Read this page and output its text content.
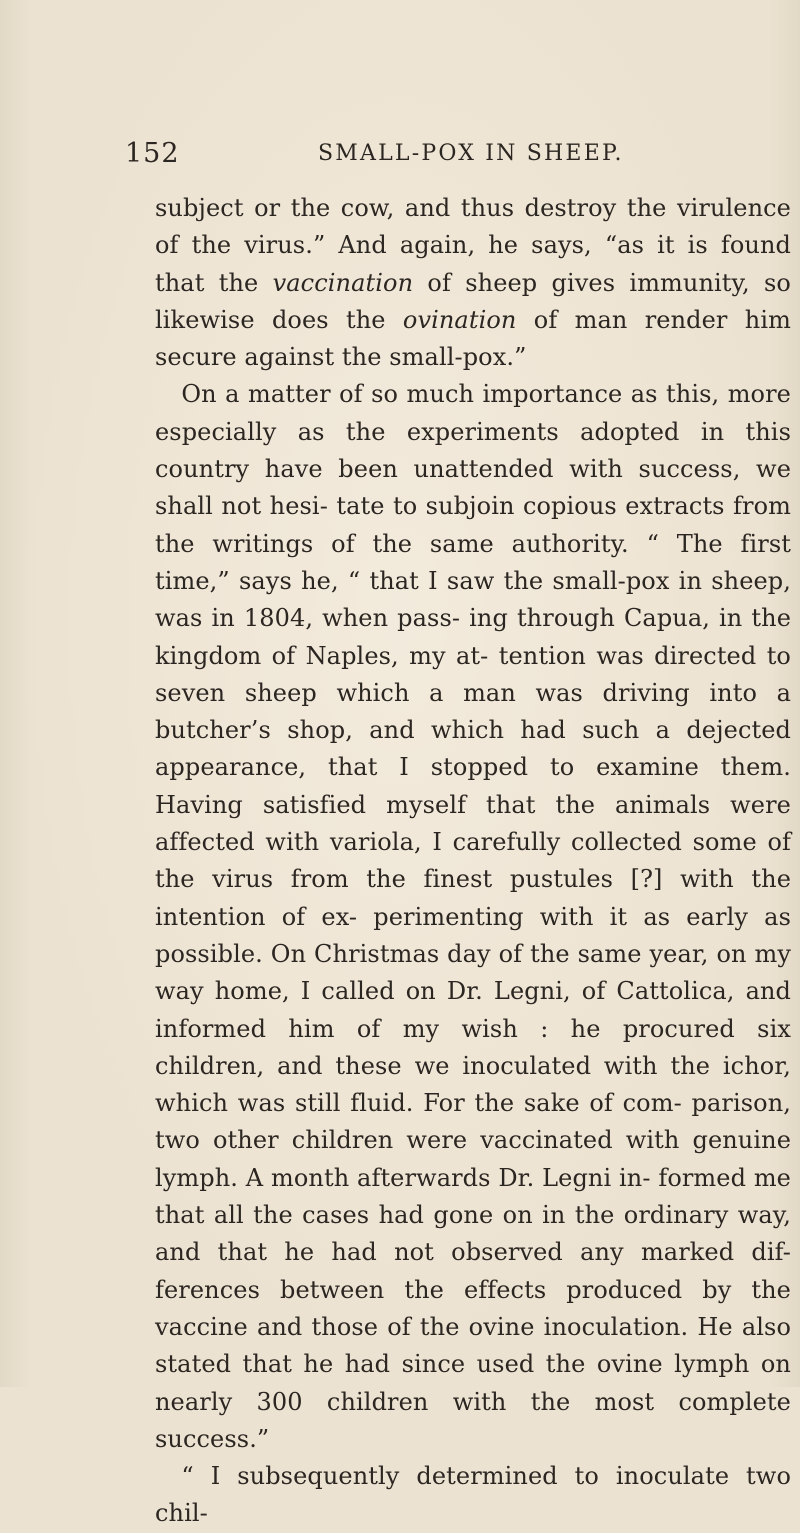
152	SMALL-POX IN SHEEP.

subject or the cow, and thus destroy the virulence of the virus.” And again, he says, “as it is found that the vaccination of sheep gives immunity, so likewise does the ovination of man render him secure against the small-pox.”

On a matter of so much importance as this, more especially as the experiments adopted in this country have been unattended with success, we shall not hesi- tate to subjoin copious extracts from the writings of the same authority. “ The first time,” says he, “ that I saw the small-pox in sheep, was in 1804, when pass- ing through Capua, in the kingdom of Naples, my at- tention was directed to seven sheep which a man was driving into a butcher’s shop, and which had such a dejected appearance, that I stopped to examine them. Having satisfied myself that the animals were affected with variola, I carefully collected some of the virus from the finest pustules [?] with the intention of ex- perimenting with it as early as possible. On Christmas day of the same year, on my way home, I called on Dr. Legni, of Cattolica, and informed him of my wish : he procured six children, and these we inoculated with the ichor, which was still fluid. For the sake of com- parison, two other children were vaccinated with genuine lymph. A month afterwards Dr. Legni in- formed me that all the cases had gone on in the ordinary way, and that he had not observed any marked dif- ferences between the effects produced by the vaccine and those of the ovine inoculation. He also stated that he had since used the ovine lymph on nearly 300 children with the most complete success.”

“ I subsequently determined to inoculate two chil-
